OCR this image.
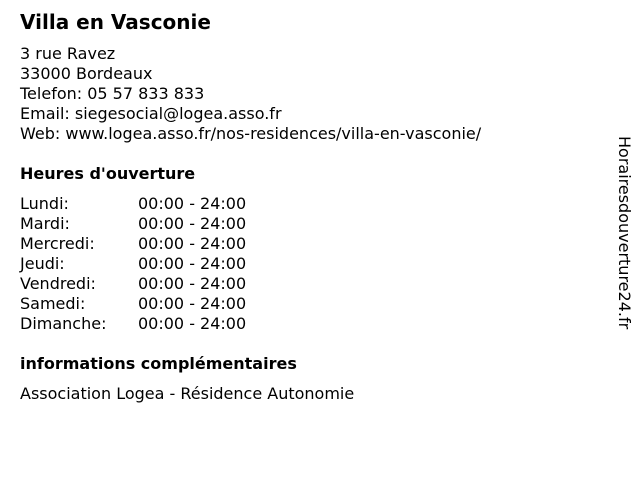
Villa en Vasconie
3 rue Ravez
33000 Bordeaux
Telefon: 05 57 833 833
Email: siegesocial@logea.asso.fr
Web: www.logea.asso.fr/nos-residences/villa-en-vasconie/
Heures d'ouverture
Lundi:	00:00 - 24:00
Mardi:	00:00 - 24:00
Mercredi:	00:00 - 24:00
Jeudi:	00:00 - 24:00
Vendredi:	00:00 - 24:00
Samedi:	00:00 - 24:00
Dimanche: 00:00 - 24:00
informations complémentaires
Association Logea - Résidence Autonomie
Horairesdouverture24.fr
